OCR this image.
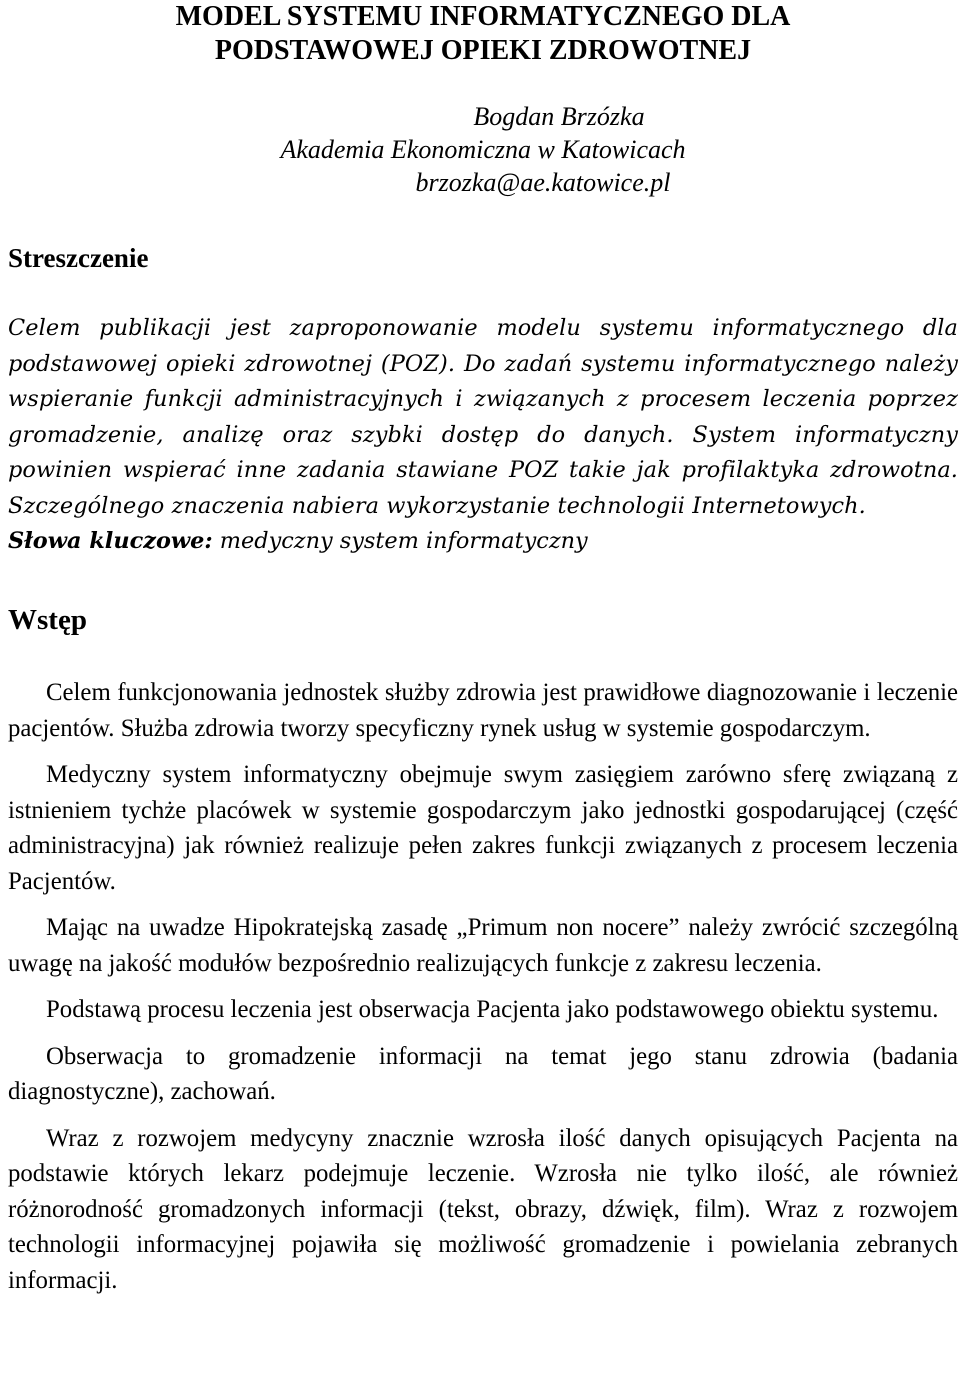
MODEL SYSTEMU INFORMATYCZNEGO DLA
PODSTAWOWEJ OPIEKI ZDROWOTNEJ
Bogdan Brzózka
Akademia Ekonomiczna w Katowicach
brzozka@ae.katowice.pl
Streszczenie
Celem publikacji jest zaproponowanie modelu systemu informatycznego dla podstawowej opieki zdrowotnej (POZ). Do zadań systemu informatycznego należy wspieranie funkcji administracyjnych i związanych z procesem leczenia poprzez gromadzenie, analizę oraz szybki dostęp do danych. System informatyczny powinien wspierać inne zadania stawiane POZ takie jak profilaktyka zdrowotna. Szczególnego znaczenia nabiera wykorzystanie technologii Internetowych.
Słowa kluczowe: medyczny system informatyczny
Wstęp

Celem funkcjonowania jednostek służby zdrowia jest prawidłowe diagnozowanie i leczenie pacjentów. Służba zdrowia tworzy specyficzny rynek usług w systemie gospodarczym.

Medyczny system informatyczny obejmuje swym zasięgiem zarówno sferę związaną z istnieniem tychże placówek w systemie gospodarczym jako jednostki gospodarującej (część administracyjna) jak również realizuje pełen zakres funkcji związanych z procesem leczenia Pacjentów.

Mając na uwadze Hipokratejską zasadę „Primum non nocere” należy zwrócić szczególną uwagę na jakość modułów bezpośrednio realizujących funkcje z zakresu leczenia.

Podstawą procesu leczenia jest obserwacja Pacjenta jako podstawowego obiektu systemu.

Obserwacja to gromadzenie informacji na temat jego stanu zdrowia (badania diagnostyczne), zachowań.

Wraz z rozwojem medycyny znacznie wzrosła ilość danych opisujących Pacjenta na podstawie których lekarz podejmuje leczenie. Wzrosła nie tylko ilość, ale również różnorodność gromadzonych informacji (tekst, obrazy, dźwięk, film). Wraz z rozwojem technologii informacyjnej pojawiła się możliwość gromadzenie i powielania zebranych informacji.
